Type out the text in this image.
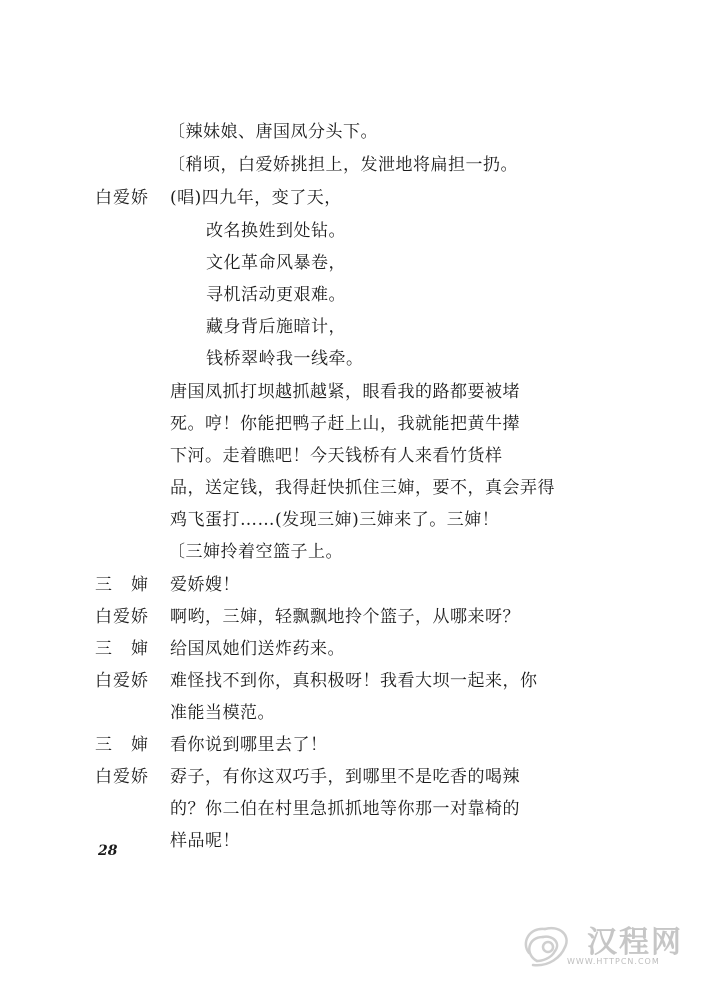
〔辣妹娘、唐国凤分头下。
〔稍顷，白爱娇挑担上，发泄地将扁担一扔。
白爱娇 (唱)四九年，变了天，
改名换姓到处钻。
文化革命风暴卷，
寻机活动更艰难。
藏身背后施暗计，
钱桥翠岭我一线牵。
唐国凤抓打坝越抓越紧，眼看我的路都要被堵
死。哼！你能把鸭子赶上山，我就能把黄牛撵
下河。走着瞧吧！今天钱桥有人来看竹货样
品，送定钱，我得赶快抓住三婶，要不，真会弄得
鸡飞蛋打……(发现三婶)三婶来了。三婶！
〔三婶拎着空篮子上。
三　婶 爱娇嫂！
白爱娇 啊哟，三婶，轻飘飘地拎个篮子，从哪来呀？
三　婶 给国凤她们送炸药来。
白爱娇 难怪找不到你，真积极呀！我看大坝一起来，你
准能当模范。
三　婶 看你说到哪里去了！
白爱娇 孬子，有你这双巧手，到哪里不是吃香的喝辣
的？你二伯在村里急抓抓地等你那一对靠椅的
样品呢！
28
汉程网
WWW.HTTPCN.COM
